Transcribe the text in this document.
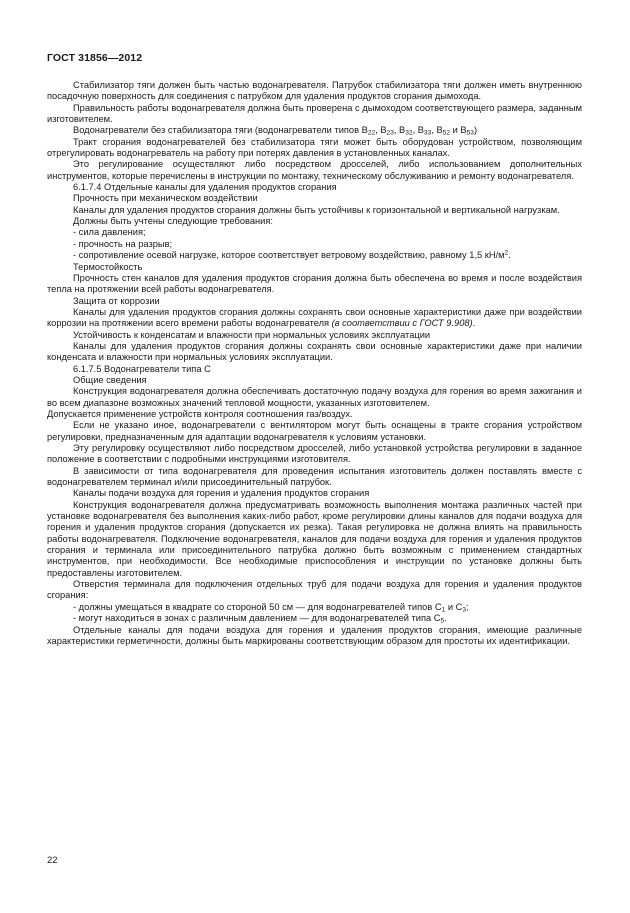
ГОСТ 31856—2012

Стабилизатор тяги должен быть частью водонагревателя. Патрубок стабилизатора тяги должен иметь внутреннюю посадочную поверхность для соединения с патрубком для удаления продуктов сгорания дымохода.

Правильность работы водонагревателя должна быть проверена с дымоходом соответствующего размера, заданным изготовителем.

Водонагреватели без стабилизатора тяги (водонагреватели типов $B_{22}$, $B_{23}$, $B_{32}$, $B_{33}$, $B_{52}$ и $B_{53}$)

Тракт сгорания водонагревателей без стабилизатора тяги может быть оборудован устройством, позволяющим отрегулировать водонагреватель на работу при потерях давления в установленных каналах.

Это регулирование осуществляют либо посредством дросселей, либо использованием дополнительных инструментов, которые перечислены в инструкции по монтажу, техническому обслуживанию и ремонту водонагревателя.

6.1.7.4 Отдельные каналы для удаления продуктов сгорания

Прочность при механическом воздействии

Каналы для удаления продуктов сгорания должны быть устойчивы к горизонтальной и вертикальной нагрузкам.

Должны быть учтены следующие требования:

- сила давления;

- прочность на разрыв;

- сопротивление осевой нагрузке, которое соответствует ветровому воздействию, равному 1,5 $кН/м^2$.

Термостойкость

Прочность стен каналов для удаления продуктов сгорания должна быть обеспечена во время и после воздействия тепла на протяжении всей работы водонагревателя.

Защита от коррозии

Каналы для удаления продуктов сгорания должны сохранять свои основные характеристики даже при воздействии коррозии на протяжении всего времени работы водонагревателя (в соответствии с ГОСТ 9.908).

Устойчивость к конденсатам и влажности при нормальных условиях эксплуатации

Каналы для удаления продуктов сгорания должны сохранять свои основные характеристики даже при наличии конденсата и влажности при нормальных условиях эксплуатации.

6.1.7.5 Водонагреватели типа C

Общие сведения

Конструкция водонагревателя должна обеспечивать достаточную подачу воздуха для горения во время зажигания и во всем диапазоне возможных значений тепловой мощности, указанных изготовителем.

Допускается применение устройств контроля соотношения газ/воздух.

Если не указано иное, водонагреватели с вентилятором могут быть оснащены в тракте сгорания устройством регулировки, предназначенным для адаптации водонагревателя к условиям установки.

Эту регулировку осуществляют либо посредством дросселей, либо установкой устройства регулировки в заданное положение в соответствии с подробными инструкциями изготовителя.

В зависимости от типа водонагревателя для проведения испытания изготовитель должен поставлять вместе с водонагревателем терминал и/или присоединительный патрубок.

Каналы подачи воздуха для горения и удаления продуктов сгорания

Конструкция водонагревателя должна предусматривать возможность выполнения монтажа различных частей при установке водонагревателя без выполнения каких-либо работ, кроме регулировки длины каналов для подачи воздуха для горения и удаления продуктов сгорания (допускается их резка). Такая регулировка не должна влиять на правильность работы водонагревателя. Подключение водонагревателя, каналов для подачи воздуха для горения и удаления продуктов сгорания и терминала или присоединительного патрубка должно быть возможным с применением стандартных инструментов, при необходимости. Все необходимые приспособления и инструкции по установке должны быть предоставлены изготовителем.

Отверстия терминала для подключения отдельных труб для подачи воздуха для горения и удаления продуктов сгорания:

- должны умещаться в квадрате со стороной 50 см — для водонагревателей типов $C_1$ и $C_3$;

- могут находиться в зонах с различным давлением — для водонагревателей типа $C_5$.

Отдельные каналы для подачи воздуха для горения и удаления продуктов сгорания, имеющие различные характеристики герметичности, должны быть маркированы соответствующим образом для простоты их идентификации.

22
